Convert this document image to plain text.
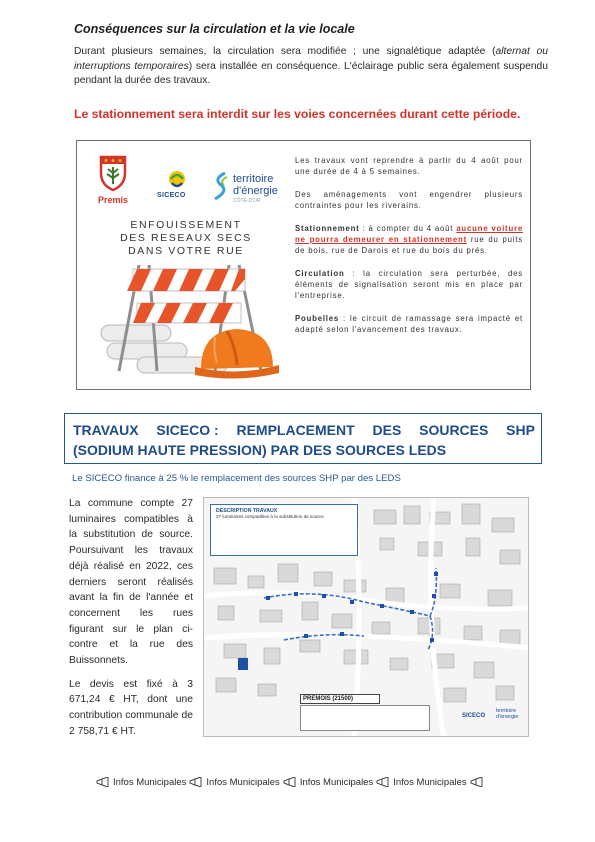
Conséquences sur la circulation et la vie locale
Durant plusieurs semaines, la circulation sera modifiée ; une signalétique adaptée (alternat ou interruptions temporaires) sera installée en conséquence. L'éclairage public sera également suspendu pendant la durée des travaux.
Le stationnement sera interdit sur les voies concernées durant cette période.
Premis	SICECO
territoire
d'énergie
CÔTE-D'OR
ENFOUISSEMENT
DES RESEAUX SECS
DANS VOTRE RUE

Les travaux vont reprendre à partir du 4 août pour une durée de 4 à 5 semaines.

Des aménagements vont engendrer plusieurs contraintes pour les riverains.

Stationnement : à compter du 4 août aucune voiture ne pourra demeurer en stationnement rue du puits de bois, rue de Darois et rue du bois du prés.

Circulation : la circulation sera perturbée, des éléments de signalisation seront mis en place par l'entreprise.

Poubelles : le circuit de ramassage sera impacté et adapté selon l'avancement des travaux.

TRAVAUX SICECO : REMPLACEMENT DES SOURCES SHP
(SODIUM HAUTE PRESSION) PAR DES SOURCES LEDS
Le SICECO finance à 25 % le remplacement des sources SHP par des LEDS

La commune compte 27 luminaires compatibles à la substitution de source. Poursuivant les travaux déjà réalisé en 2022, ces derniers seront réalisés avant la fin de l'année et concernent les rues figurant sur le plan ci-contre et la rue des Buissonnets.

Le devis est fixé à 3 671,24 € HT, dont une contribution communale de 2 758,71 € HT.

DESCRIPTION TRAVAUX
27 luminaires compatibles à la substitution de source
PREMOIS (21500)
SICECO
territoire d'énergie
Infos Municipales Infos Municipales Infos Municipales Infos Municipales
